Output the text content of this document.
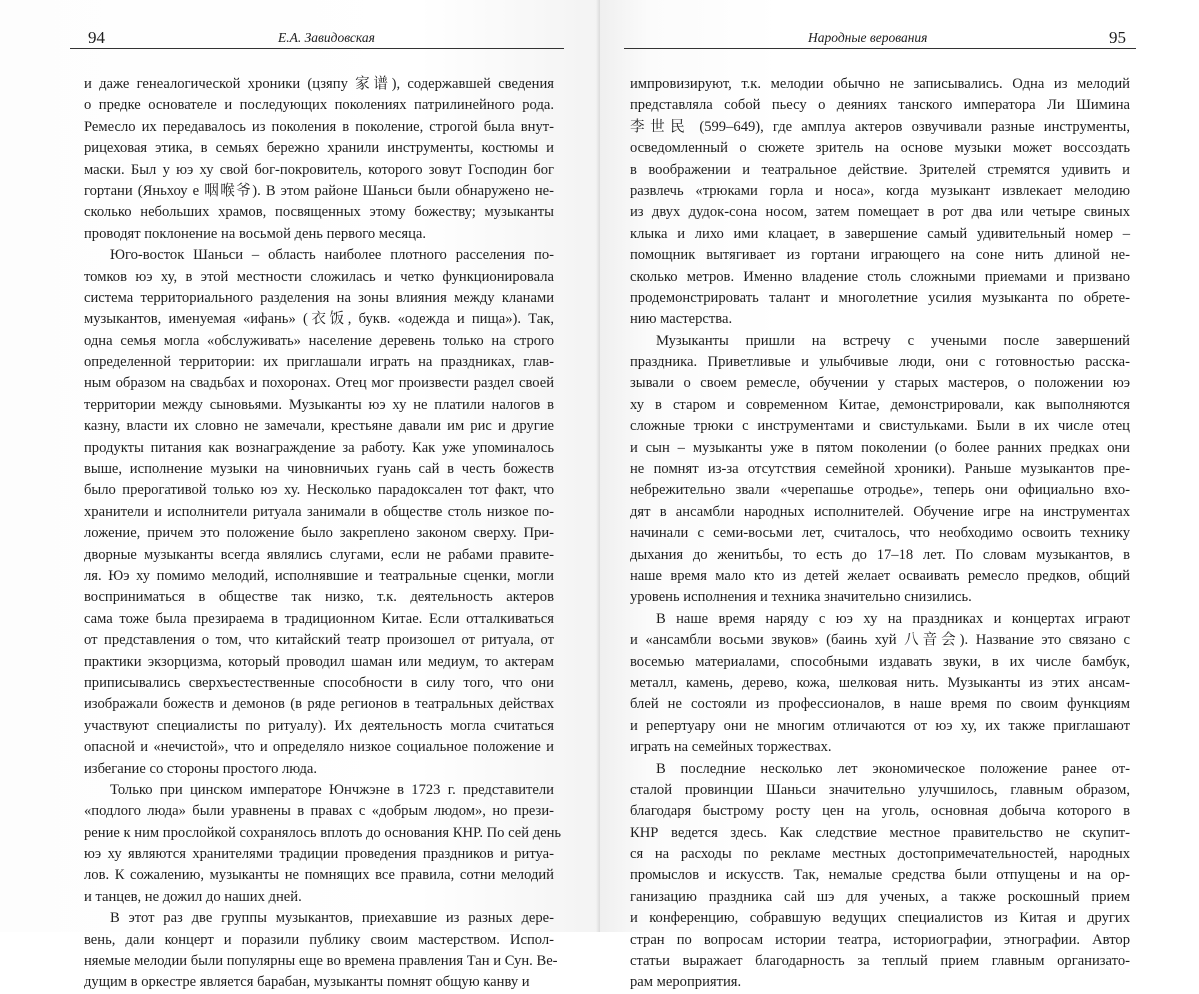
94	Е.А. Завидовская
и даже генеалогической хроники (цзяпу 家谱), содержавшей сведения
о предке основателе и последующих поколениях патрилинейного рода.
Ремесло их передавалось из поколения в поколение, строгой была внут-
рицеховая этика, в семьях бережно хранили инструменты, костюмы и
маски. Был у юэ ху свой бог-покровитель, которого зовут Господин бог
гортани (Яньхоу е 咽喉爷). В этом районе Шаньси были обнаружено не-
сколько небольших храмов, посвященных этому божеству; музыканты
проводят поклонение на восьмой день первого месяца.
Юго-восток Шаньси – область наиболее плотного расселения по-
томков юэ ху, в этой местности сложилась и четко функционировала
система территориального разделения на зоны влияния между кланами
музыкантов, именуемая «ифань» (衣饭, букв. «одежда и пища»). Так,
одна семья могла «обслуживать» население деревень только на строго
определенной территории: их приглашали играть на праздниках, глав-
ным образом на свадьбах и похоронах. Отец мог произвести раздел своей
территории между сыновьями. Музыканты юэ ху не платили налогов в
казну, власти их словно не замечали, крестьяне давали им рис и другие
продукты питания как вознаграждение за работу. Как уже упоминалось
выше, исполнение музыки на чиновничьих гуань сай в честь божеств
было прерогативой только юэ ху. Несколько парадоксален тот факт, что
хранители и исполнители ритуала занимали в обществе столь низкое по-
ложение, причем это положение было закреплено законом сверху. При-
дворные музыканты всегда являлись слугами, если не рабами правите-
ля. Юэ ху помимо мелодий, исполнявшие и театральные сценки, могли
восприниматься в обществе так низко, т.к. деятельность актеров
сама тоже была презираема в традиционном Китае. Если отталкиваться
от представления о том, что китайский театр произошел от ритуала, от
практики экзорцизма, который проводил шаман или медиум, то актерам
приписывались сверхъестественные способности в силу того, что они
изображали божеств и демонов (в ряде регионов в театральных действах
участвуют специалисты по ритуалу). Их деятельность могла считаться
опасной и «нечистой», что и определяло низкое социальное положение и
избегание со стороны простого люда.
Только при цинском императоре Юнчжэне в 1723 г. представители
«подлого люда» были уравнены в правах с «добрым людом», но прези-
рение к ним прослойкой сохранялось вплоть до основания КНР. По сей день
юэ ху являются хранителями традиции проведения праздников и ритуа-
лов. К сожалению, музыканты не помнящих все правила, сотни мелодий
и танцев, не дожил до наших дней.
В этот раз две группы музыкантов, приехавшие из разных дере-
вень, дали концерт и поразили публику своим мастерством. Испол-
няемые мелодии были популярны еще во времена правления Тан и Сун. Ве-
дущим в оркестре является барабан, музыканты помнят общую канву и
Народные верования	95
импровизируют, т.к. мелодии обычно не записывались. Одна из мелодий
представляла собой пьесу о деяниях танского императора Ли Шимина
李世民 (599–649), где амплуа актеров озвучивали разные инструменты,
осведомленный о сюжете зритель на основе музыки может воссоздать
в воображении и театральное действие. Зрителей стремятся удивить и
развлечь «трюками горла и носа», когда музыкант извлекает мелодию
из двух дудок-сона носом, затем помещает в рот два или четыре свиных
клыка и лихо ими клацает, в завершение самый удивительный номер –
помощник вытягивает из гортани играющего на соне нить длиной не-
сколько метров. Именно владение столь сложными приемами и призвано
продемонстрировать талант и многолетние усилия музыканта по обрете-
нию мастерства.
Музыканты пришли на встречу с учеными после завершений
праздника. Приветливые и улыбчивые люди, они с готовностью расска-
зывали о своем ремесле, обучении у старых мастеров, о положении юэ
ху в старом и современном Китае, демонстрировали, как выполняются
сложные трюки с инструментами и свистульками. Были в их числе отец
и сын – музыканты уже в пятом поколении (о более ранних предках они
не помнят из-за отсутствия семейной хроники). Раньше музыкантов пре-
небрежительно звали «черепашье отродье», теперь они официально вхо-
дят в ансамбли народных исполнителей. Обучение игре на инструментах
начинали с семи-восьми лет, считалось, что необходимо освоить технику
дыхания до женитьбы, то есть до 17–18 лет. По словам музыкантов, в
наше время мало кто из детей желает осваивать ремесло предков, общий
уровень исполнения и техника значительно снизились.
В наше время наряду с юэ ху на праздниках и концертах играют
и «ансамбли восьми звуков» (баинь хуй 八音会). Название это связано с
восемью материалами, способными издавать звуки, в их числе бамбук,
металл, камень, дерево, кожа, шелковая нить. Музыканты из этих ансам-
блей не состояли из профессионалов, в наше время по своим функциям
и репертуару они не многим отличаются от юэ ху, их также приглашают
играть на семейных торжествах.
В последние несколько лет экономическое положение ранее от-
сталой провинции Шаньси значительно улучшилось, главным образом,
благодаря быстрому росту цен на уголь, основная добыча которого в
КНР ведется здесь. Как следствие местное правительство не скупит-
ся на расходы по рекламе местных достопримечательностей, народных
промыслов и искусств. Так, немалые средства были отпущены и на ор-
ганизацию праздника сай шэ для ученых, а также роскошный прием
и конференцию, собравшую ведущих специалистов из Китая и других
стран по вопросам истории театра, историографии, этнографии. Автор
статьи выражает благодарность за теплый прием главным организато-
рам мероприятия.
